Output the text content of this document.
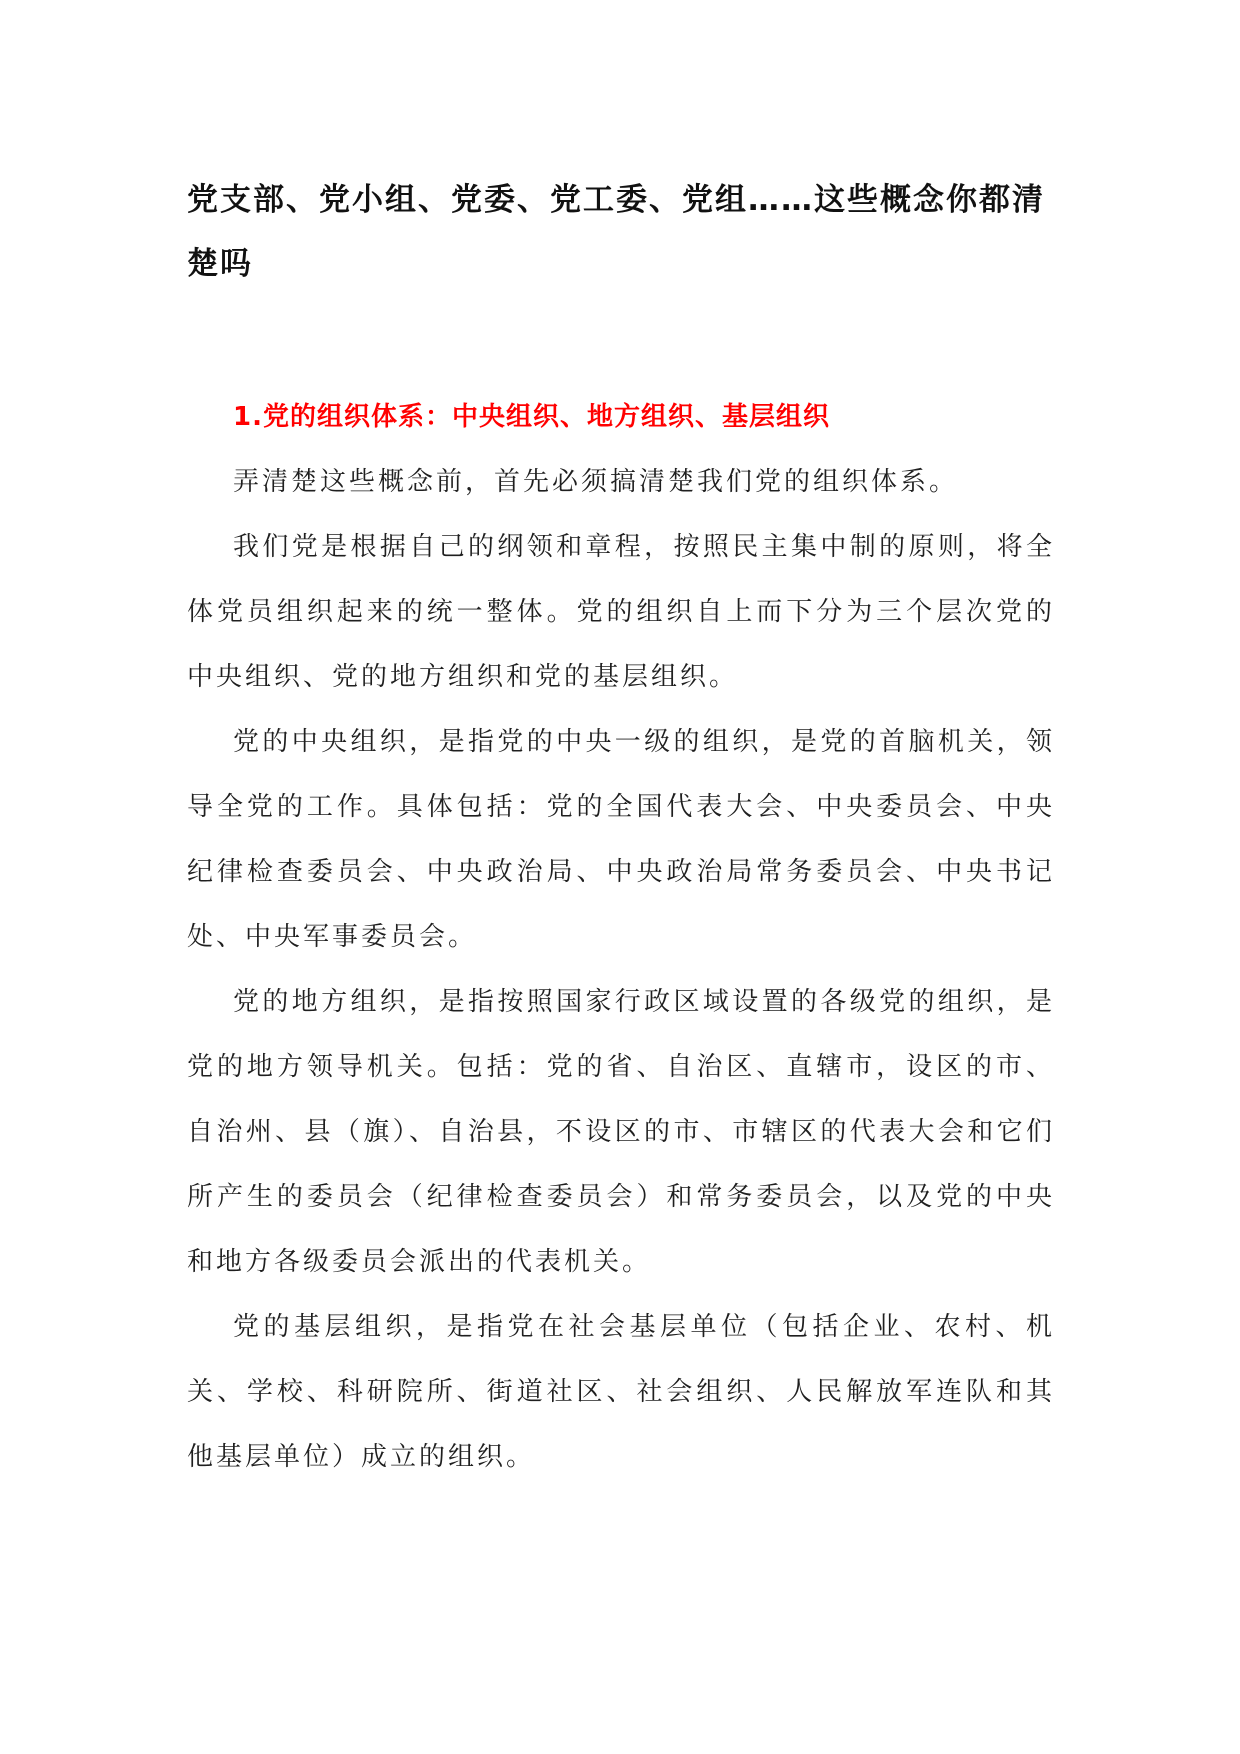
党支部、党小组、党委、党工委、党组……这些概念你都清楚吗
1.党的组织体系：中央组织、地方组织、基层组织

弄清楚这些概念前，首先必须搞清楚我们党的组织体系。

我们党是根据自己的纲领和章程，按照民主集中制的原则，将全体党员组织起来的统一整体。党的组织自上而下分为三个层次党的中央组织、党的地方组织和党的基层组织。

党的中央组织，是指党的中央一级的组织，是党的首脑机关，领导全党的工作。具体包括：党的全国代表大会、中央委员会、中央纪律检查委员会、中央政治局、中央政治局常务委员会、中央书记处、中央军事委员会。

党的地方组织，是指按照国家行政区域设置的各级党的组织，是党的地方领导机关。包括：党的省、自治区、直辖市，设区的市、自治州、县（旗）、自治县，不设区的市、市辖区的代表大会和它们所产生的委员会（纪律检查委员会）和常务委员会，以及党的中央和地方各级委员会派出的代表机关。

党的基层组织，是指党在社会基层单位（包括企业、农村、机关、学校、科研院所、街道社区、社会组织、人民解放军连队和其他基层单位）成立的组织。
